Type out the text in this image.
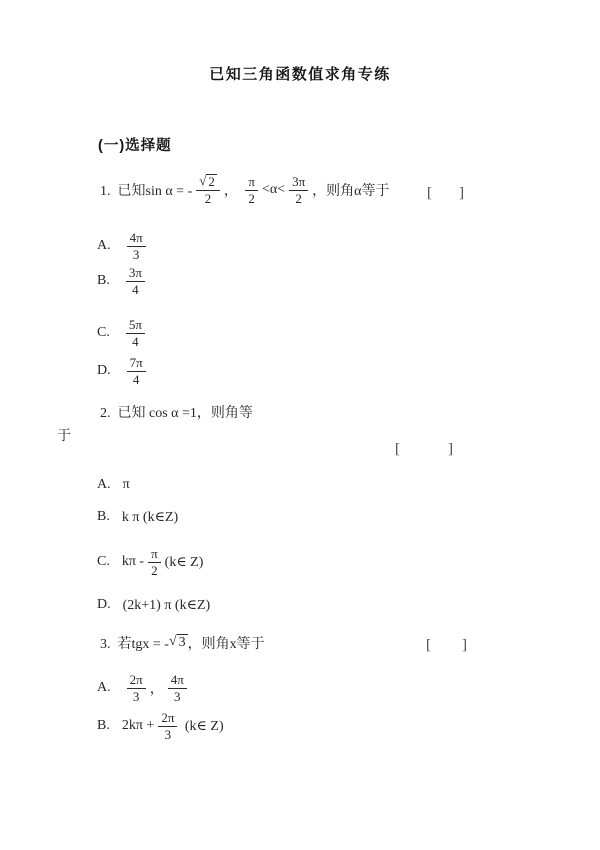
已知三角函数值求角专练
(一)选择题
1.  已知sin α = - $\frac{√ 2}{2}$ ， $\frac{\pi}{2} <\alpha< \frac{3\pi}{2}$ ，则角α等于 [ ]
A. $\frac{4\pi}{3}$
B. $\frac{3\pi}{4}$
C. $\frac{5\pi}{4}$
D. $\frac{7\pi}{4}$
2.  已知 cos α =1，则角等
于
[	]
A. π
B. k π (k∈Z)
C. kπ - $\frac{\pi}{2}$ (k∈ Z)
D. (2k+1) π (k∈Z)
3.  若tgx = - √ 3 ，则角x等于	[ ]
A. $\frac{2\pi}{3}$ ， $\frac{4\pi}{3}$
B. $2k\pi + \frac{2\pi}{3}$ (k∈ Z)
